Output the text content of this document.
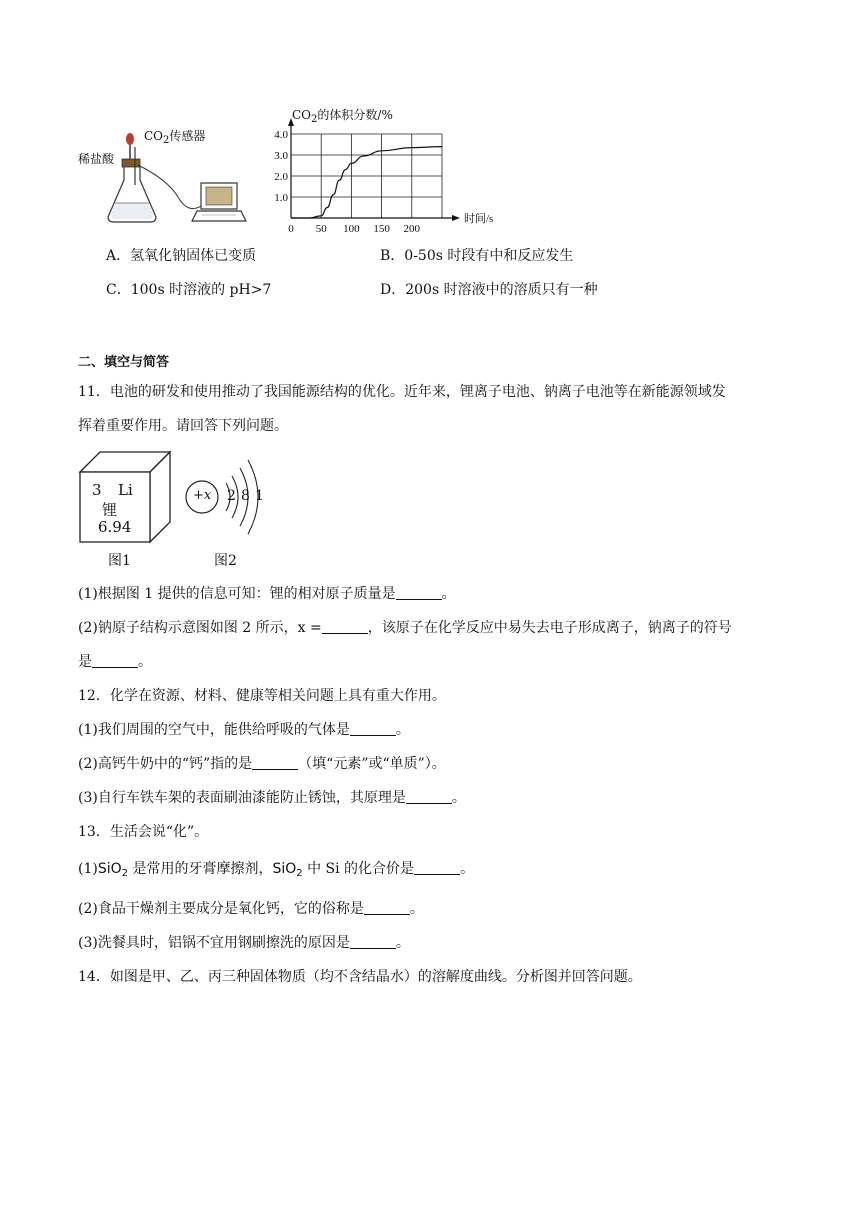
稀盐酸
$CO_2$传感器
0 50 100 150 200
1.0
2.0
3.0
4.0
时间/s
$CO_2$的体积分数/%
A．氢氧化钠固体已变质	B．0-50s 时段有中和反应发生
C．100s 时溶液的 pH>7	D．200s 时溶液中的溶质只有一种
二、填空与简答
11．电池的研发和使用推动了我国能源结构的优化。近年来，锂离子电池、钠离子电池等在新能源领域发
挥着重要作用。请回答下列问题。
3 Li
锂
6.94
图1
+x 2 8 1
图2
(1)根据图 1 提供的信息可知：锂的相对原子质量是	。
(2)钠原子结构示意图如图 2 所示，x =	，该原子在化学反应中易失去电子形成离子，钠离子的符号
是	。
12．化学在资源、材料、健康等相关问题上具有重大作用。
(1)我们周围的空气中，能供给呼吸的气体是	。
(2)高钙牛奶中的“钙”指的是	（填“元素”或“单质”）。
(3)自行车铁车架的表面刷油漆能防止锈蚀，其原理是	。
13．生活会说“化”。
(1)SiO$_2$ 是常用的牙膏摩擦剂，SiO$_2$ 中 Si 的化合价是	。
(2)食品干燥剂主要成分是氧化钙，它的俗称是	。
(3)洗餐具时，铝锅不宜用钢刷擦洗的原因是	。
14．如图是甲、乙、丙三种固体物质（均不含结晶水）的溶解度曲线。分析图并回答问题。
